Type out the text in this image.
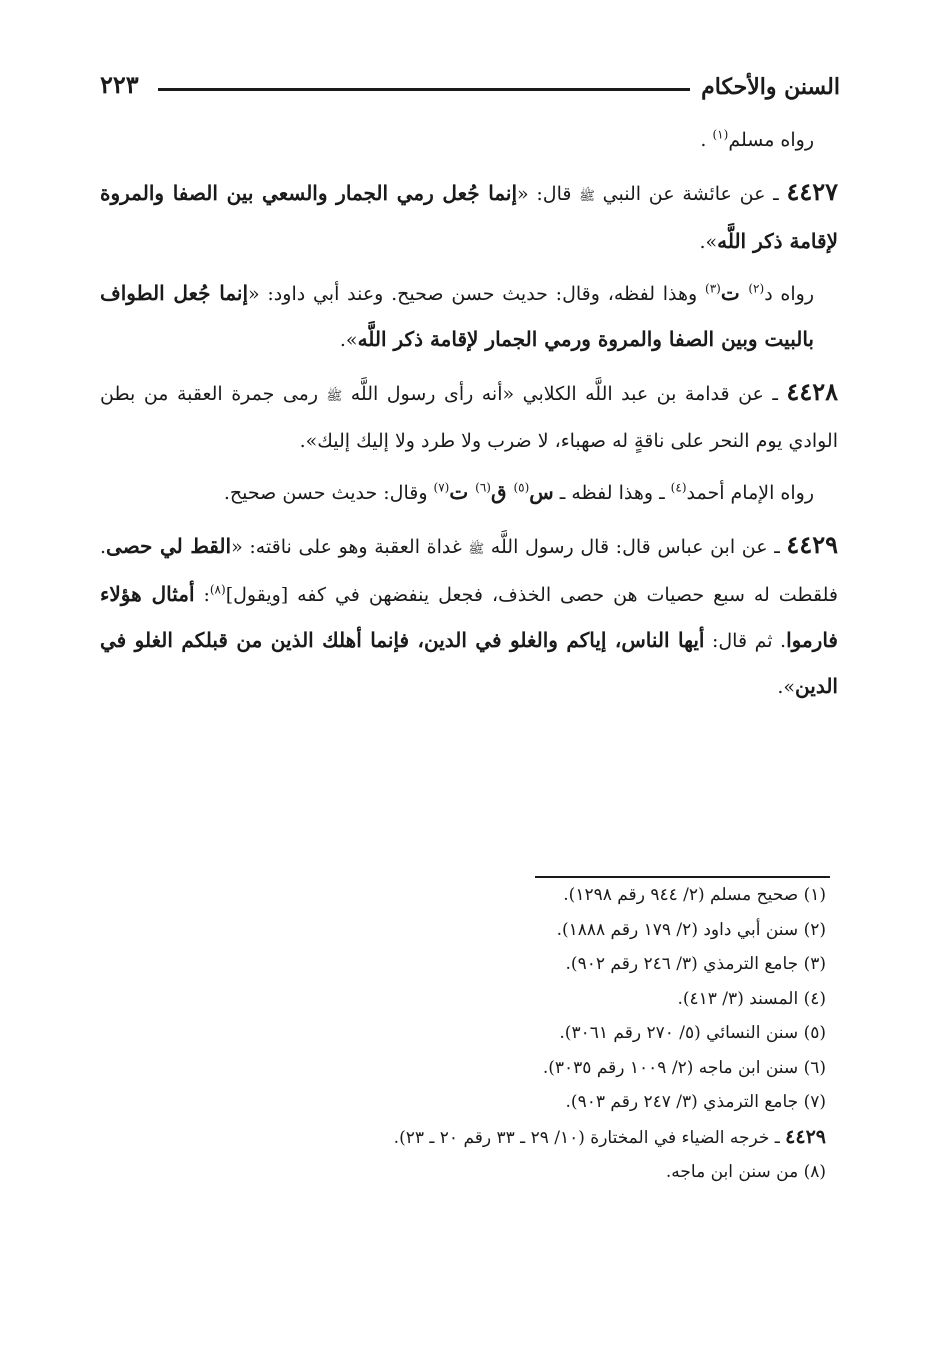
السنن والأحكام
٢٢٣

رواه مسلم$^{(١)}$ .

٤٤٢٧ ـ عن عائشة عن النبي ﷺ قال: «إنما جُعل رمي الجمار والسعي بين الصفا والمروة لإقامة ذكر اللَّه».

رواه د$^{(٢)}$ ت$^{(٣)}$ وهذا لفظه، وقال: حديث حسن صحيح. وعند أبي داود: «إنما جُعل الطواف بالبيت وبين الصفا والمروة ورمي الجمار لإقامة ذكر اللَّه».

٤٤٢٨ ـ عن قدامة بن عبد اللَّه الكلابي «أنه رأى رسول اللَّه ﷺ رمى جمرة العقبة من بطن الوادي يوم النحر على ناقةٍ له صهباء، لا ضرب ولا طرد ولا إليك إليك».

رواه الإمام أحمد$^{(٤)}$ ـ وهذا لفظه ـ س$^{(٥)}$ ق$^{(٦)}$ ت$^{(٧)}$ وقال: حديث حسن صحيح.

٤٤٢٩ ـ عن ابن عباس قال: قال رسول اللَّه ﷺ غداة العقبة وهو على ناقته: «القط لي حصى. فلقطت له سبع حصيات هن حصى الخذف، فجعل ينفضهن في كفه [ويقول]$^{(٨)}$: أمثال هؤلاء فارموا. ثم قال: أيها الناس، إياكم والغلو في الدين، فإنما أهلك الذين من قبلكم الغلو في الدين».

(١) صحيح مسلم (٢/ ٩٤٤ رقم ١٢٩٨).
(٢) سنن أبي داود (٢/ ١٧٩ رقم ١٨٨٨).
(٣) جامع الترمذي (٣/ ٢٤٦ رقم ٩٠٢).
(٤) المسند (٣/ ٤١٣).
(٥) سنن النسائي (٥/ ٢٧٠ رقم ٣٠٦١).
(٦) سنن ابن ماجه (٢/ ١٠٠٩ رقم ٣٠٣٥).
(٧) جامع الترمذي (٣/ ٢٤٧ رقم ٩٠٣).
٤٤٢٩ ـ خرجه الضياء في المختارة (١٠/ ٢٩ ـ ٣٣ رقم ٢٠ ـ ٢٣).
(٨) من سنن ابن ماجه.
